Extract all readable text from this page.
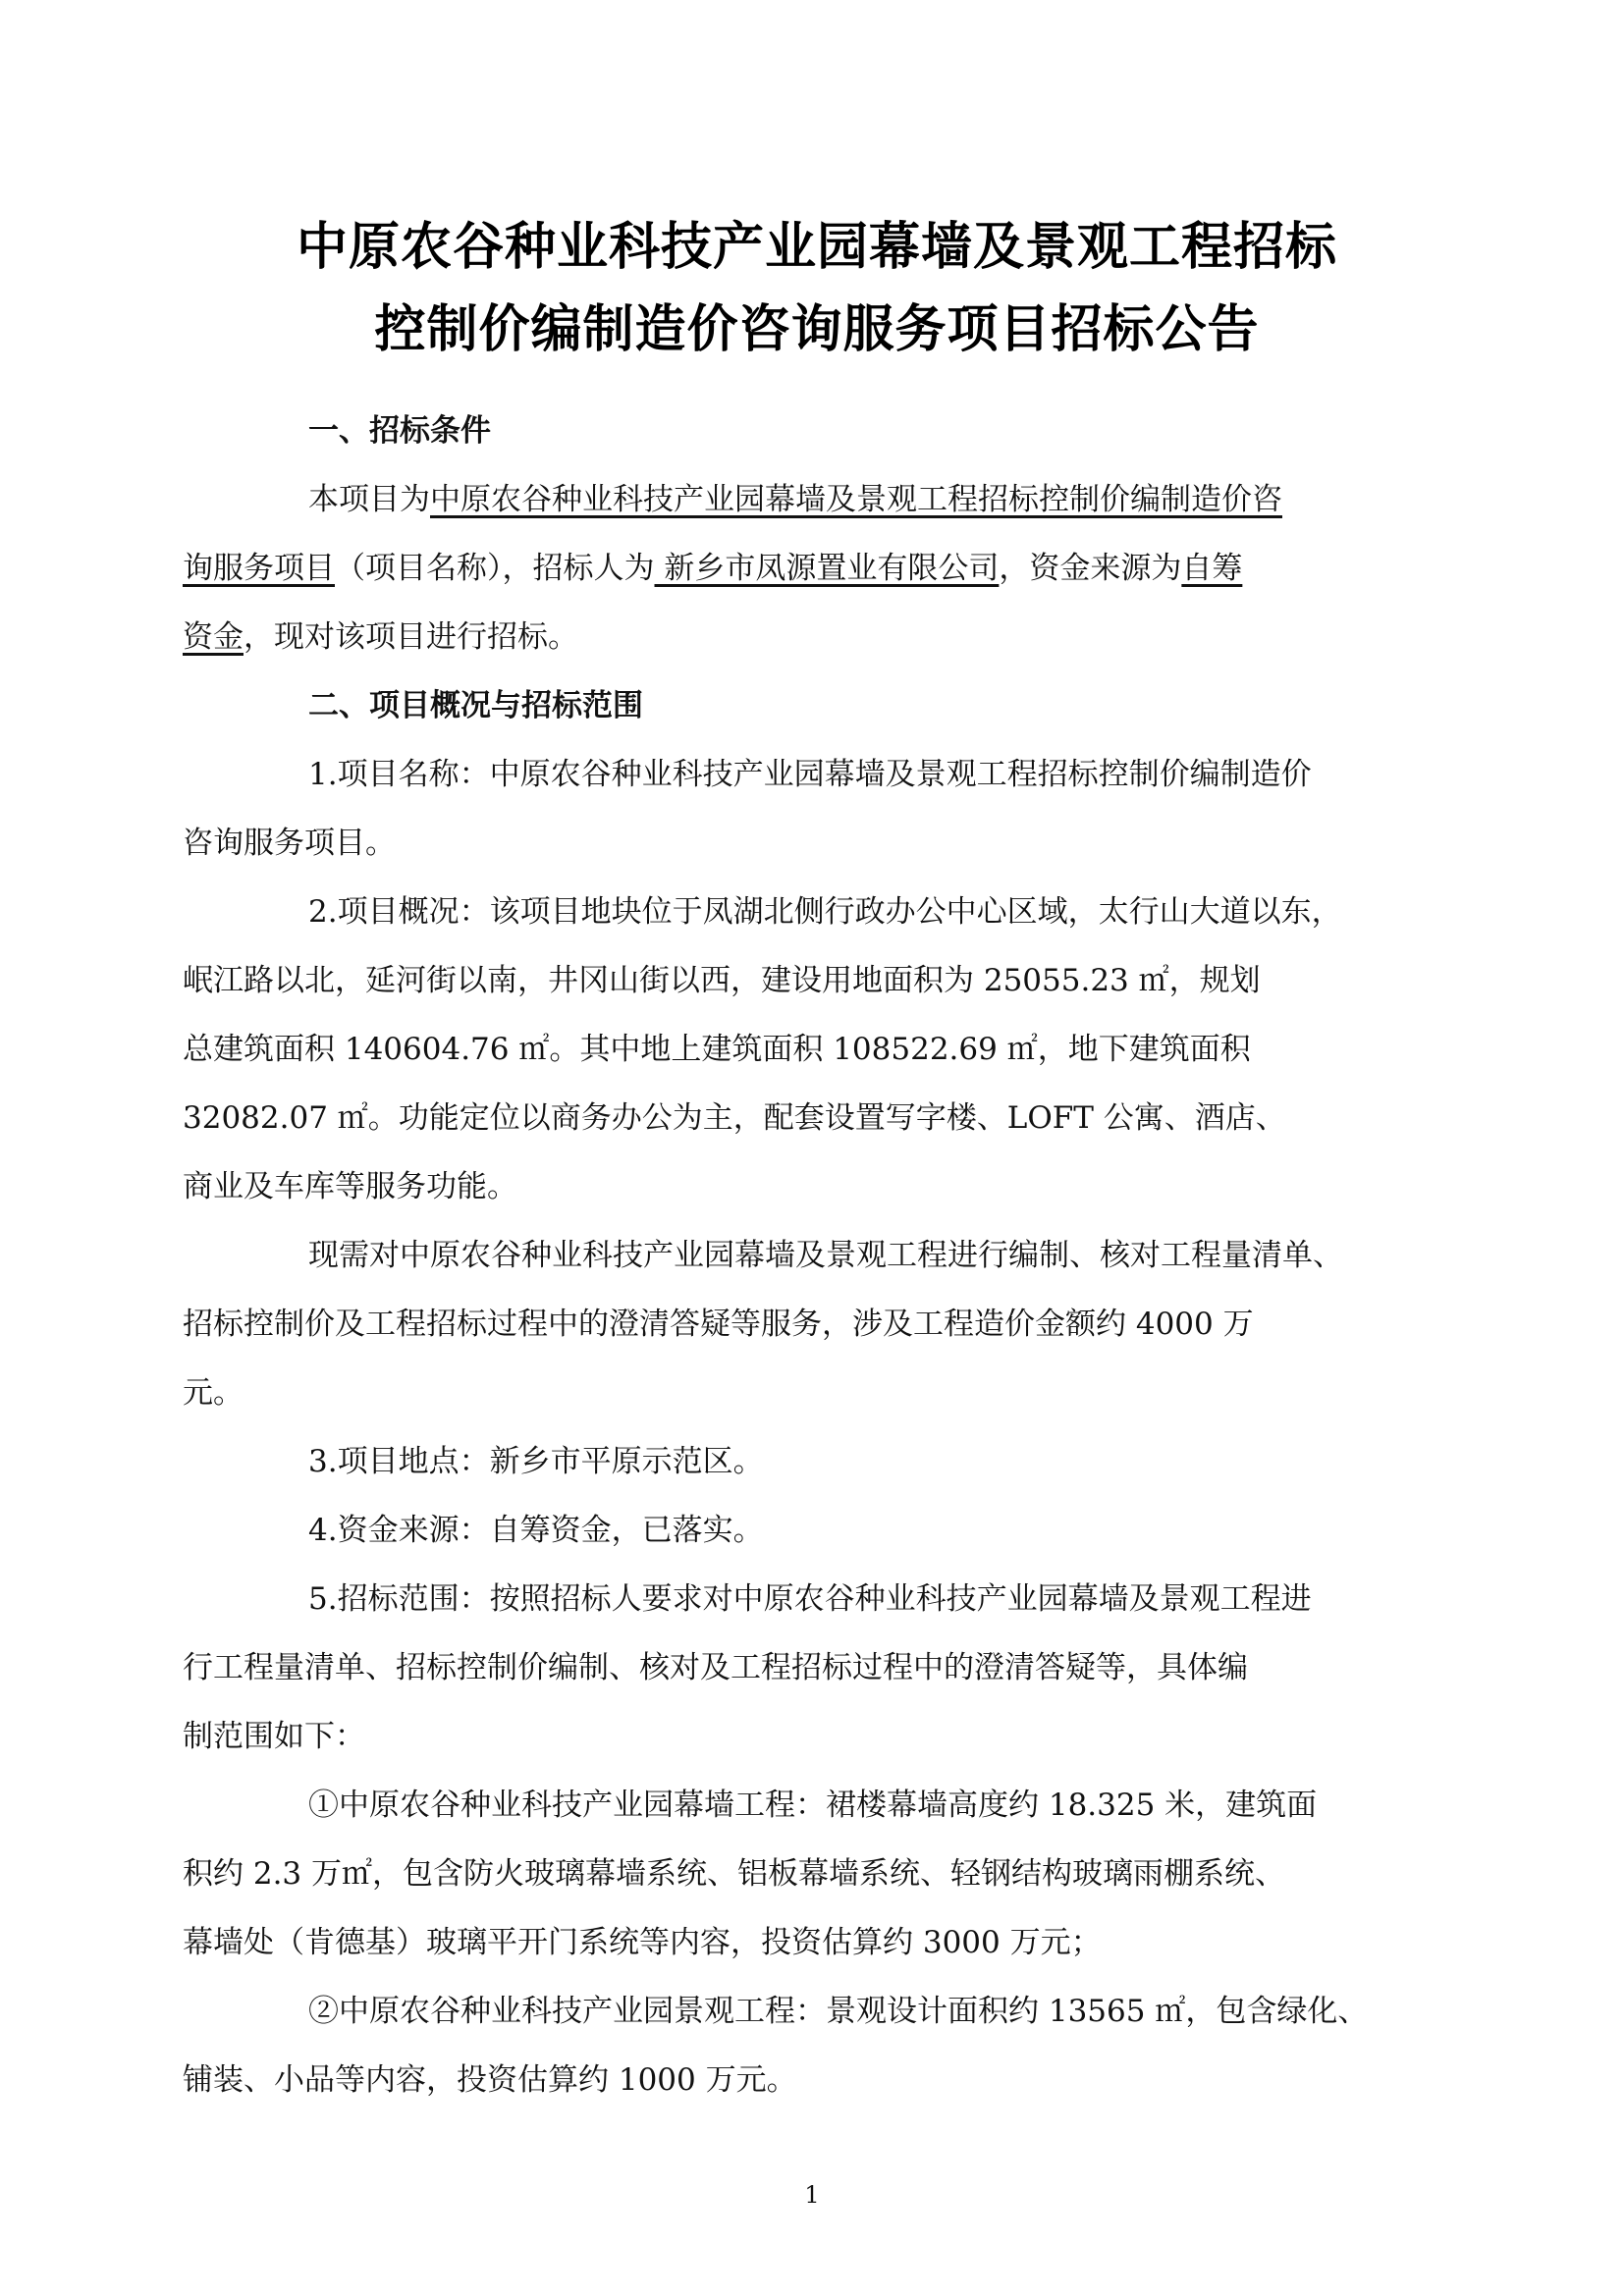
中原农谷种业科技产业园幕墙及景观工程招标
控制价编制造价咨询服务项目招标公告
一、招标条件

本项目为中原农谷种业科技产业园幕墙及景观工程招标控制价编制造价咨
询服务项目（项目名称），招标人为 新乡市凤源置业有限公司，资金来源为自筹
资金，现对该项目进行招标。

二、项目概况与招标范围

1.项目名称：中原农谷种业科技产业园幕墙及景观工程招标控制价编制造价
咨询服务项目。

2.项目概况：该项目地块位于凤湖北侧行政办公中心区域，太行山大道以东，
岷江路以北，延河街以南，井冈山街以西，建设用地面积为 25055.23 ㎡，规划
总建筑面积 140604.76 ㎡。其中地上建筑面积 108522.69 ㎡，地下建筑面积
32082.07 ㎡。功能定位以商务办公为主，配套设置写字楼、LOFT 公寓、酒店、
商业及车库等服务功能。

现需对中原农谷种业科技产业园幕墙及景观工程进行编制、核对工程量清单、
招标控制价及工程招标过程中的澄清答疑等服务，涉及工程造价金额约 4000 万
元。

3.项目地点：新乡市平原示范区。

4.资金来源：自筹资金，已落实。

5.招标范围：按照招标人要求对中原农谷种业科技产业园幕墙及景观工程进
行工程量清单、招标控制价编制、核对及工程招标过程中的澄清答疑等，具体编
制范围如下：

①中原农谷种业科技产业园幕墙工程：裙楼幕墙高度约 18.325 米，建筑面
积约 2.3 万㎡，包含防火玻璃幕墙系统、铝板幕墙系统、轻钢结构玻璃雨棚系统、
幕墙处（肯德基）玻璃平开门系统等内容，投资估算约 3000 万元；

②中原农谷种业科技产业园景观工程：景观设计面积约 13565 ㎡，包含绿化、
铺装、小品等内容，投资估算约 1000 万元。

1
